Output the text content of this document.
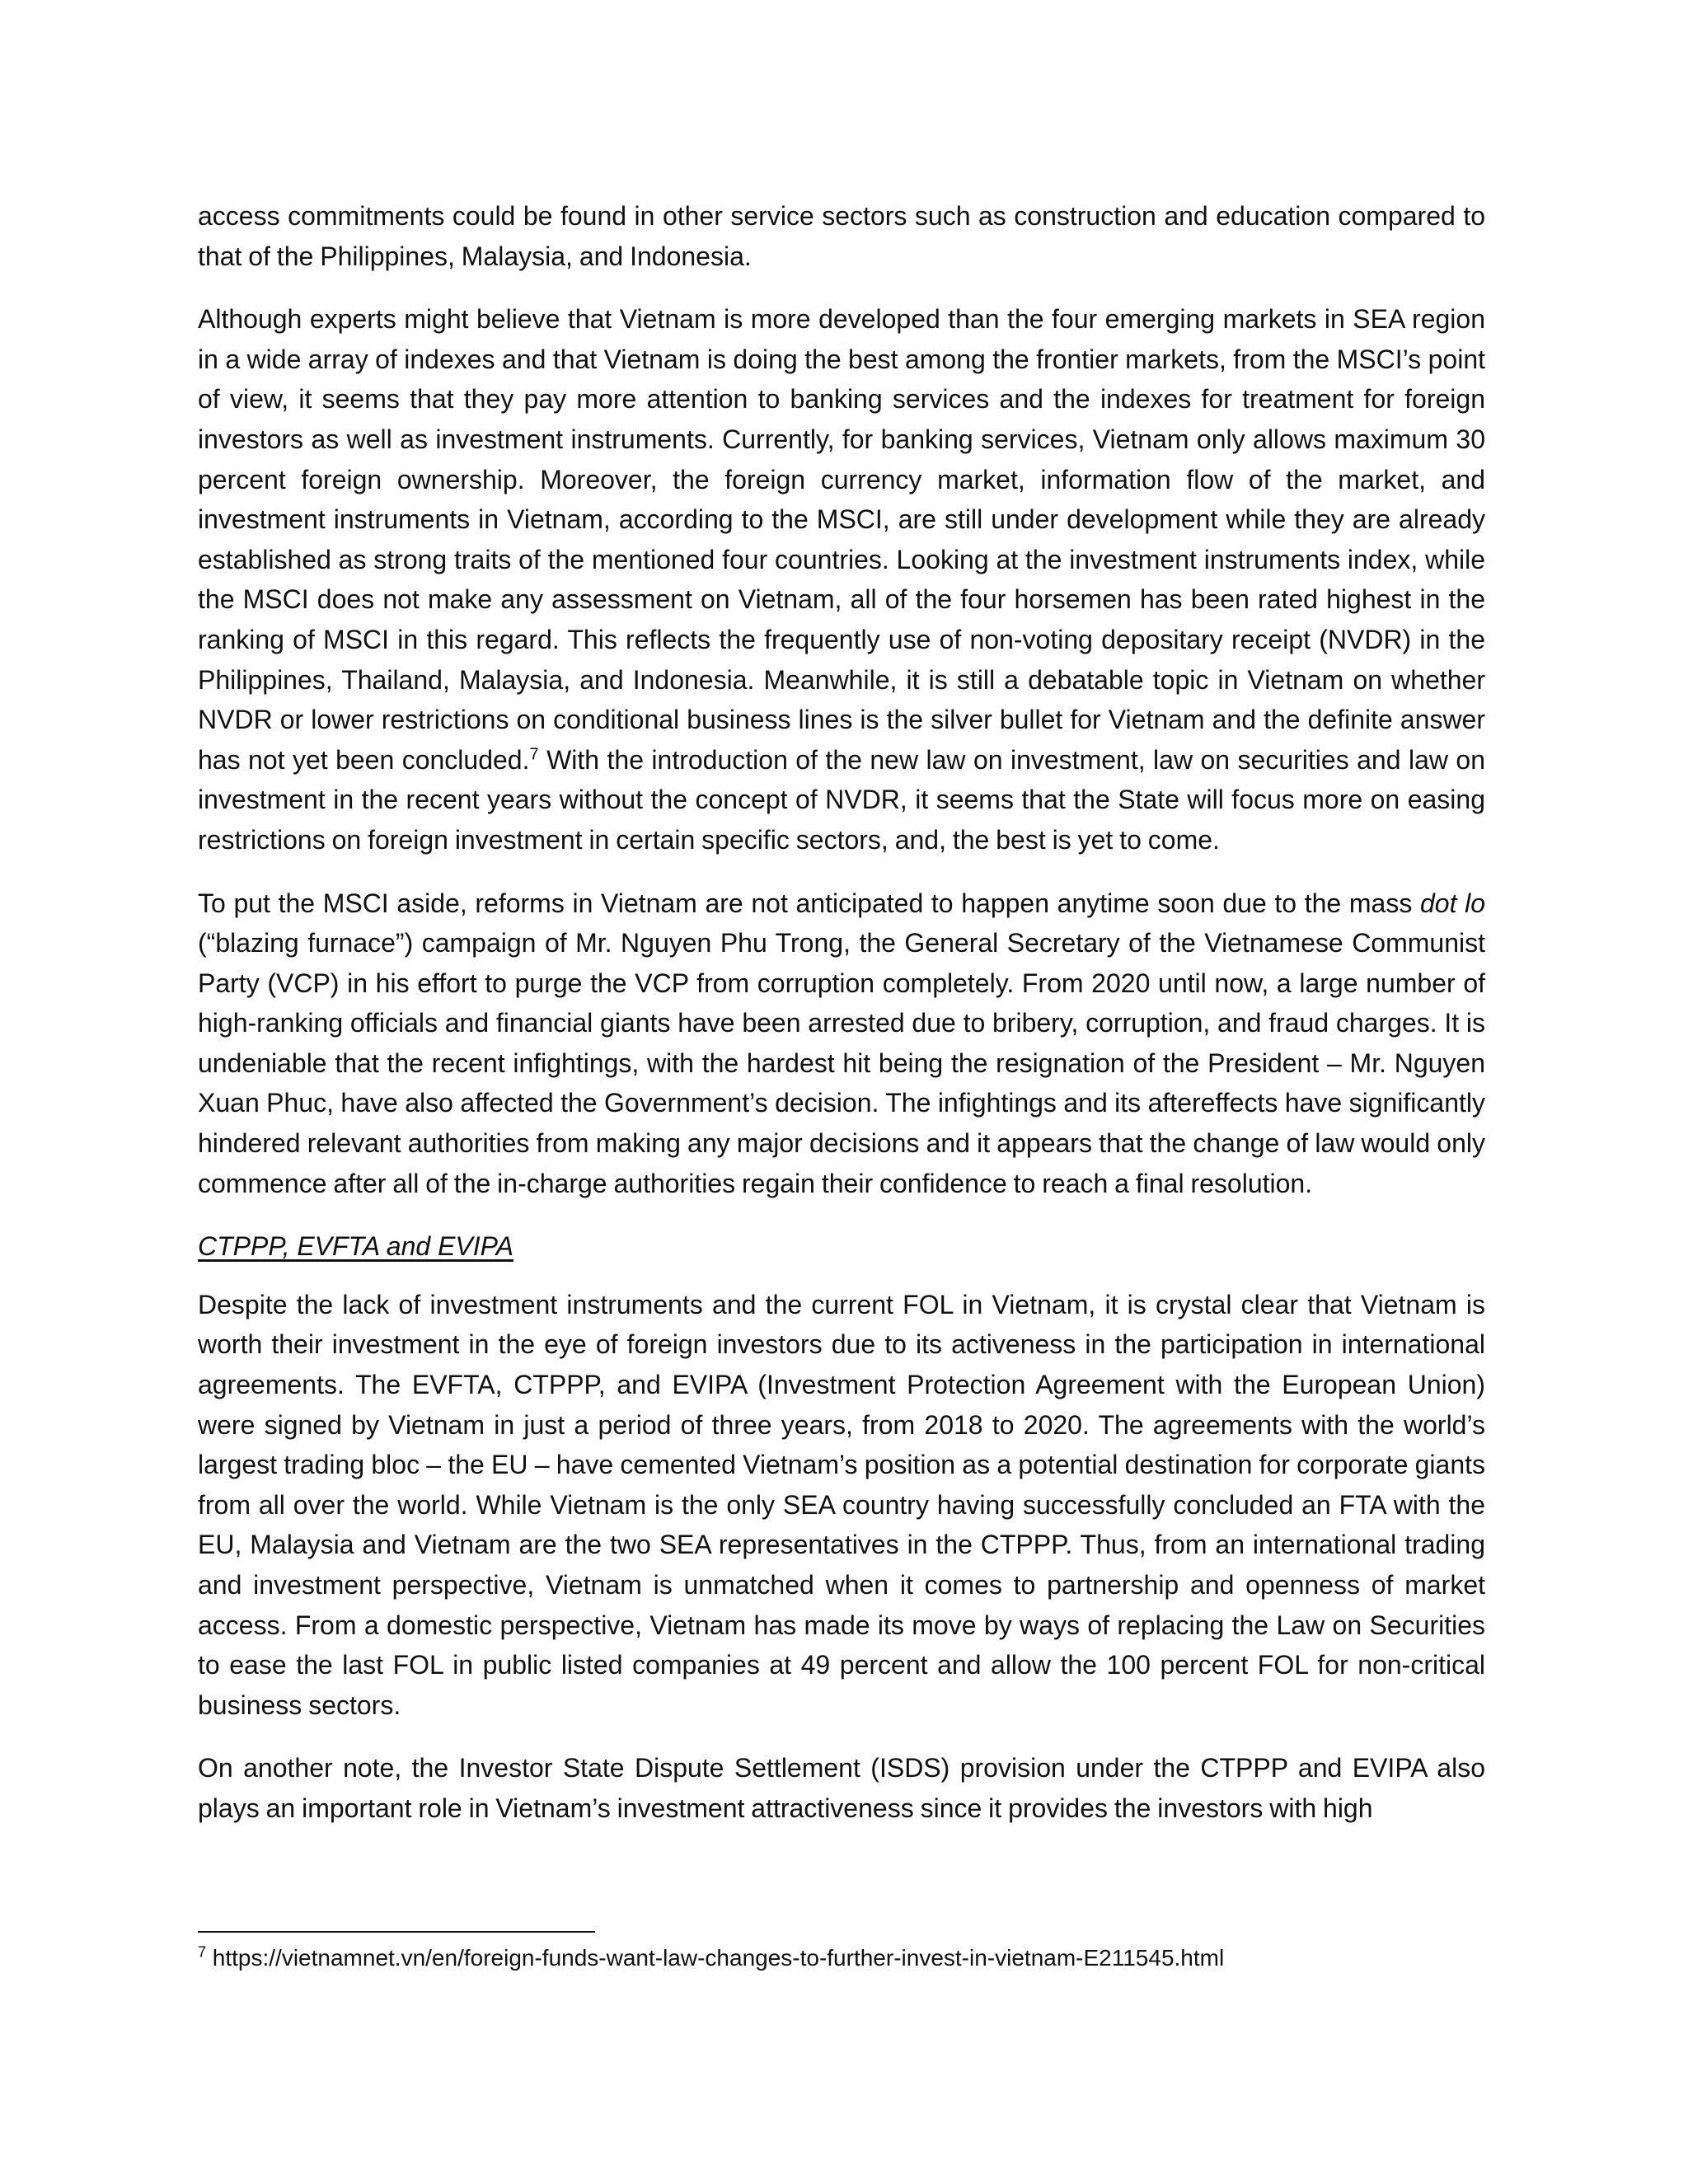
access commitments could be found in other service sectors such as construction and education compared to that of the Philippines, Malaysia, and Indonesia.

Although experts might believe that Vietnam is more developed than the four emerging markets in SEA region in a wide array of indexes and that Vietnam is doing the best among the frontier markets, from the MSCI’s point of view, it seems that they pay more attention to banking services and the indexes for treatment for foreign investors as well as investment instruments. Currently, for banking services, Vietnam only allows maximum 30 percent foreign ownership. Moreover, the foreign currency market, information flow of the market, and investment instruments in Vietnam, according to the MSCI, are still under development while they are already established as strong traits of the mentioned four countries. Looking at the investment instruments index, while the MSCI does not make any assessment on Vietnam, all of the four horsemen has been rated highest in the ranking of MSCI in this regard. This reflects the frequently use of non-voting depositary receipt (NVDR) in the Philippines, Thailand, Malaysia, and Indonesia. Meanwhile, it is still a debatable topic in Vietnam on whether NVDR or lower restrictions on conditional business lines is the silver bullet for Vietnam and the definite answer has not yet been concluded.$^7$ With the introduction of the new law on investment, law on securities and law on investment in the recent years without the concept of NVDR, it seems that the State will focus more on easing restrictions on foreign investment in certain specific sectors, and, the best is yet to come.

To put the MSCI aside, reforms in Vietnam are not anticipated to happen anytime soon due to the mass dot lo (“blazing furnace”) campaign of Mr. Nguyen Phu Trong, the General Secretary of the Vietnamese Communist Party (VCP) in his effort to purge the VCP from corruption completely. From 2020 until now, a large number of high-ranking officials and financial giants have been arrested due to bribery, corruption, and fraud charges. It is undeniable that the recent infightings, with the hardest hit being the resignation of the President – Mr. Nguyen Xuan Phuc, have also affected the Government’s decision. The infightings and its aftereffects have significantly hindered relevant authorities from making any major decisions and it appears that the change of law would only commence after all of the in-charge authorities regain their confidence to reach a final resolution.

CTPPP, EVFTA and EVIPA

Despite the lack of investment instruments and the current FOL in Vietnam, it is crystal clear that Vietnam is worth their investment in the eye of foreign investors due to its activeness in the participation in international agreements. The EVFTA, CTPPP, and EVIPA (Investment Protection Agreement with the European Union) were signed by Vietnam in just a period of three years, from 2018 to 2020. The agreements with the world’s largest trading bloc – the EU – have cemented Vietnam’s position as a potential destination for corporate giants from all over the world. While Vietnam is the only SEA country having successfully concluded an FTA with the EU, Malaysia and Vietnam are the two SEA representatives in the CTPPP. Thus, from an international trading and investment perspective, Vietnam is unmatched when it comes to partnership and openness of market access. From a domestic perspective, Vietnam has made its move by ways of replacing the Law on Securities to ease the last FOL in public listed companies at 49 percent and allow the 100 percent FOL for non-critical business sectors.

On another note, the Investor State Dispute Settlement (ISDS) provision under the CTPPP and EVIPA also plays an important role in Vietnam’s investment attractiveness since it provides the investors with high

$^7$ https://vietnamnet.vn/en/foreign-funds-want-law-changes-to-further-invest-in-vietnam-E211545.html
